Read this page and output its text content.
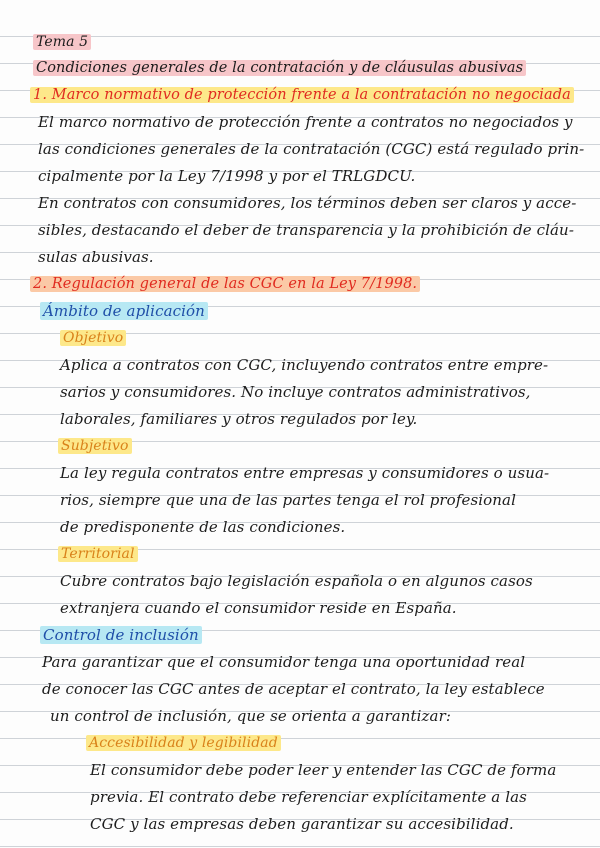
Tema 5
Condiciones generales de la contratación y de cláusulas abusivas
1. Marco normativo de protección frente a la contratación no negociada
El marco normativo de protección frente a contratos no negociados y
las condiciones generales de la contratación (CGC) está regulado prin-
cipalmente por la Ley 7/1998 y por el TRLGDCU.
En contratos con consumidores, los términos deben ser claros y acce-
sibles, destacando el deber de transparencia y la prohibición de cláu-
sulas abusivas.
2. Regulación general de las CGC en la Ley 7/1998.
Ámbito de aplicación
Objetivo
Aplica a contratos con CGC, incluyendo contratos entre empre-
sarios y consumidores. No incluye contratos administrativos,
laborales, familiares y otros regulados por ley.
Subjetivo
La ley regula contratos entre empresas y consumidores o usua-
rios, siempre que una de las partes tenga el rol profesional
de predisponente de las condiciones.
Territorial
Cubre contratos bajo legislación española o en algunos casos
extranjera cuando el consumidor reside en España.
Control de inclusión
Para garantizar que el consumidor tenga una oportunidad real
de conocer las CGC antes de aceptar el contrato, la ley establece
un control de inclusión, que se orienta a garantizar:
Accesibilidad y legibilidad
El consumidor debe poder leer y entender las CGC de forma
previa. El contrato debe referenciar explícitamente a las
CGC y las empresas deben garantizar su accesibilidad.
